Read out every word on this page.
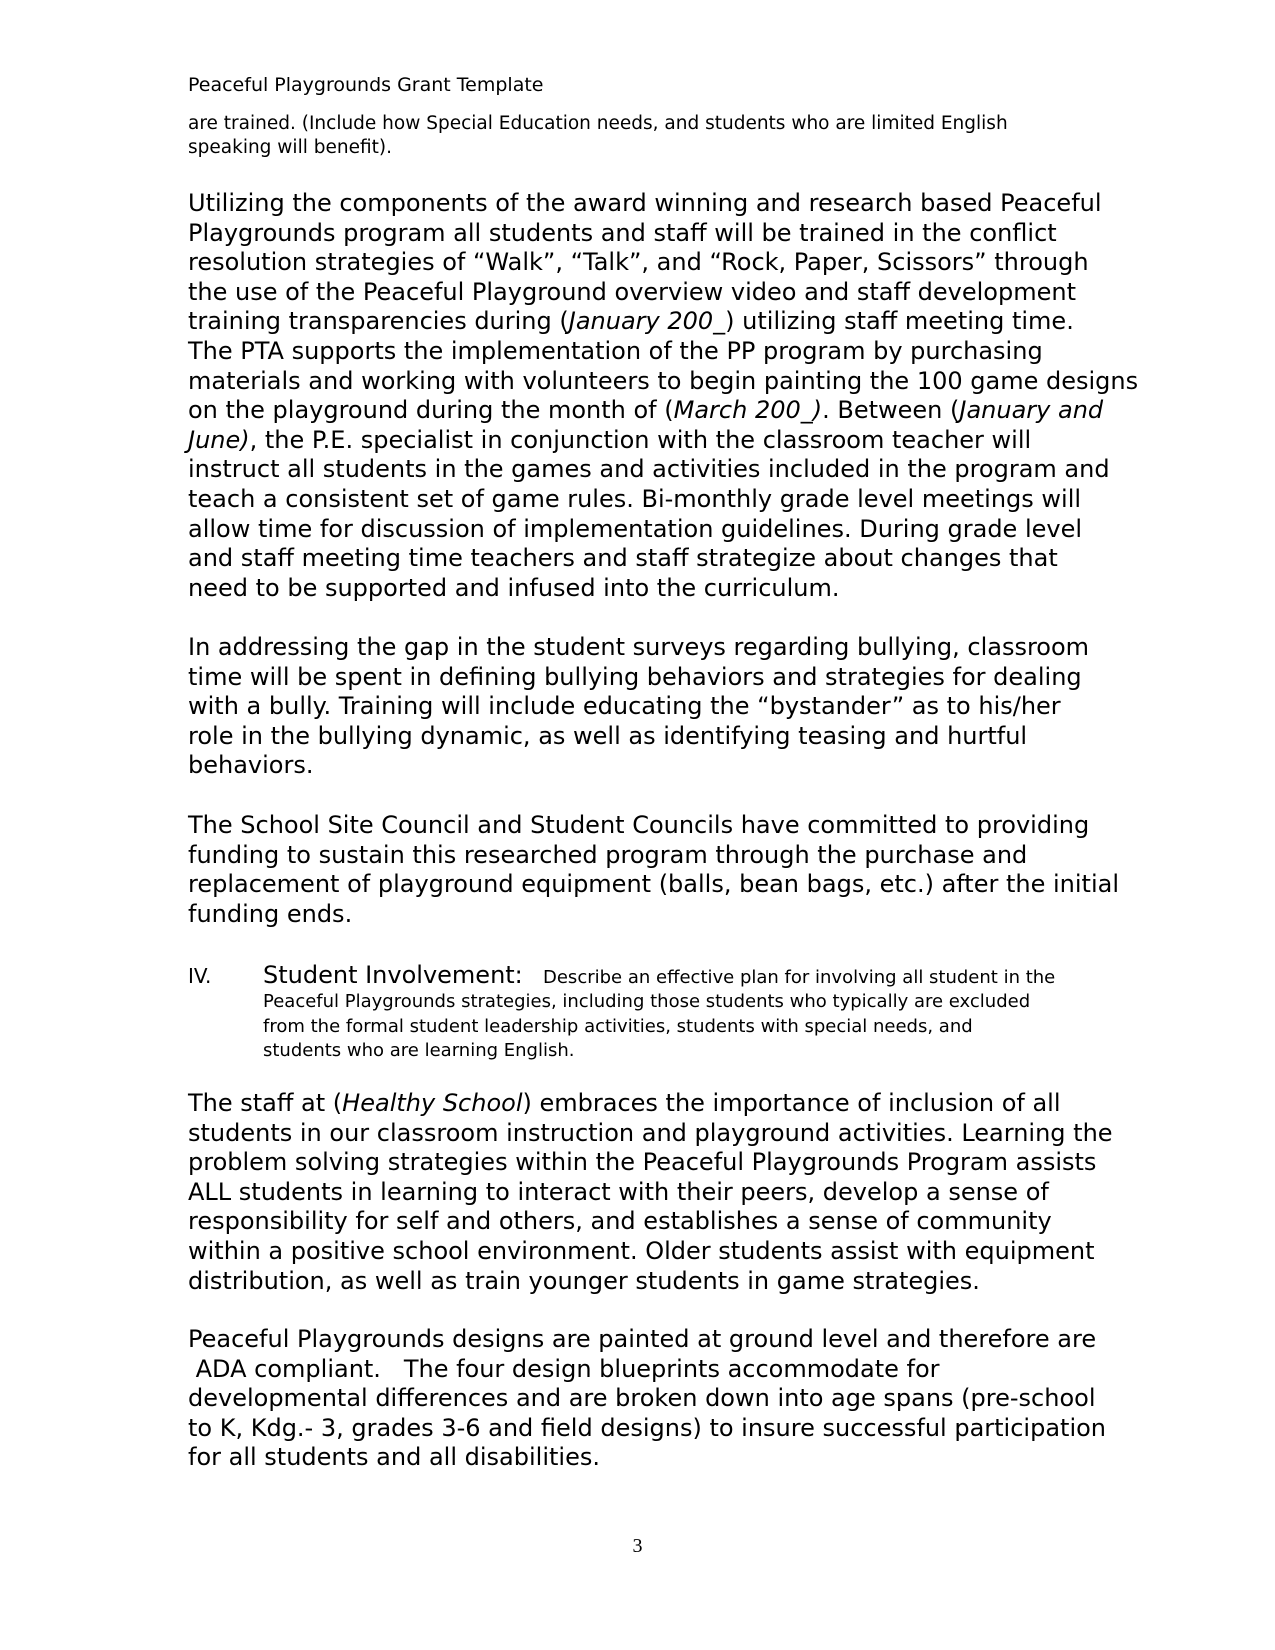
Peaceful Playgrounds Grant Template
are trained. (Include how Special Education needs, and students who are limited English
speaking will benefit).
Utilizing the components of the award winning and research based Peaceful
Playgrounds program all students and staff will be trained in the conflict
resolution strategies of “Walk”, “Talk”, and “Rock, Paper, Scissors” through
the use of the Peaceful Playground overview video and staff development
training transparencies during (January 200_) utilizing staff meeting time.
The PTA supports the implementation of the PP program by purchasing
materials and working with volunteers to begin painting the 100 game designs
on the playground during the month of (March 200_). Between (January and
June), the P.E. specialist in conjunction with the classroom teacher will
instruct all students in the games and activities included in the program and
teach a consistent set of game rules. Bi-monthly grade level meetings will
allow time for discussion of implementation guidelines. During grade level
and staff meeting time teachers and staff strategize about changes that
need to be supported and infused into the curriculum.
In addressing the gap in the student surveys regarding bullying, classroom
time will be spent in defining bullying behaviors and strategies for dealing
with a bully. Training will include educating the “bystander” as to his/her
role in the bullying dynamic, as well as identifying teasing and hurtful
behaviors.
The School Site Council and Student Councils have committed to providing
funding to sustain this researched program through the purchase and
replacement of playground equipment (balls, bean bags, etc.) after the initial
funding ends.
IV. Student Involvement: Describe an effective plan for involving all student in the
Peaceful Playgrounds strategies, including those students who typically are excluded
from the formal student leadership activities, students with special needs, and
students who are learning English.
The staff at (Healthy School) embraces the importance of inclusion of all
students in our classroom instruction and playground activities. Learning the
problem solving strategies within the Peaceful Playgrounds Program assists
ALL students in learning to interact with their peers, develop a sense of
responsibility for self and others, and establishes a sense of community
within a positive school environment. Older students assist with equipment
distribution, as well as train younger students in game strategies.
Peaceful Playgrounds designs are painted at ground level and therefore are
ADA compliant.   The four design blueprints accommodate for
developmental differences and are broken down into age spans (pre-school
to K, Kdg.- 3, grades 3-6 and field designs) to insure successful participation
for all students and all disabilities.
3
